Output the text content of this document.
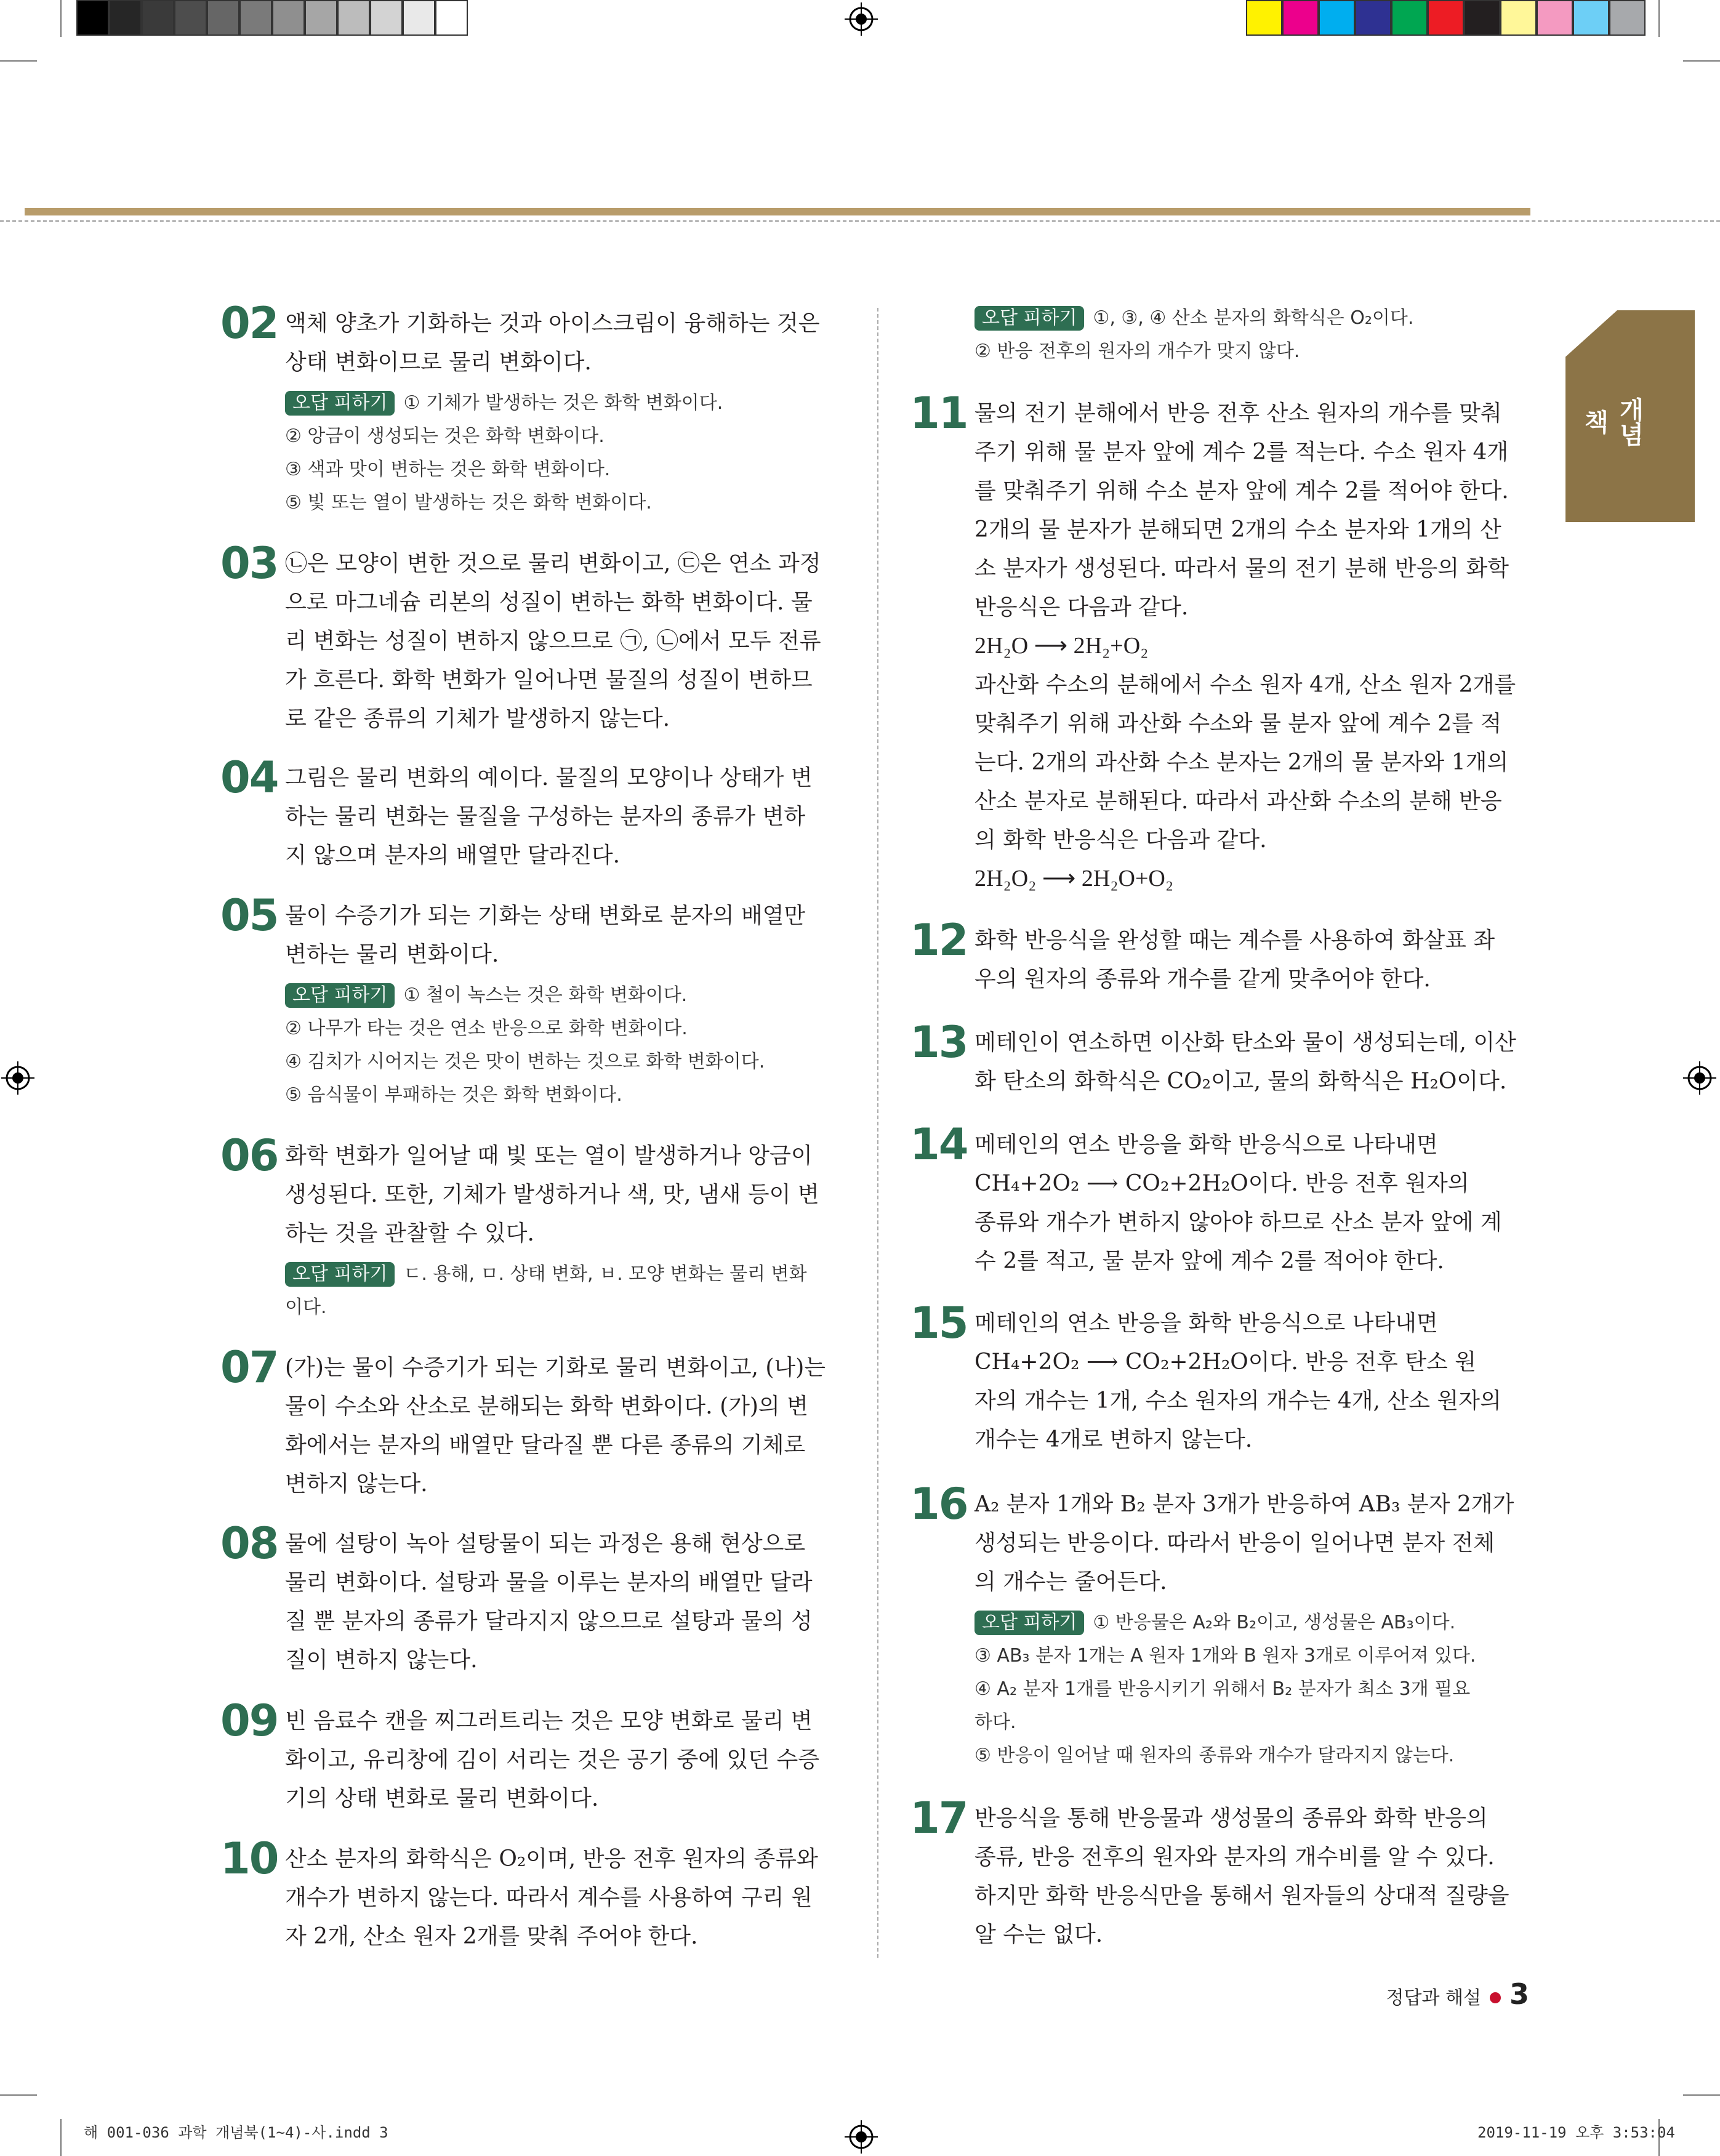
개념책
02 액체 양초가 기화하는 것과 아이스크림이 융해하는 것은
상태 변화이므로 물리 변화이다.

오답 피하기 ① 기체가 발생하는 것은 화학 변화이다.

② 앙금이 생성되는 것은 화학 변화이다.

③ 색과 맛이 변하는 것은 화학 변화이다.

⑤ 빛 또는 열이 발생하는 것은 화학 변화이다.

03 ㉡은 모양이 변한 것으로 물리 변화이고, ㉢은 연소 과정
으로 마그네슘 리본의 성질이 변하는 화학 변화이다. 물
리 변화는 성질이 변하지 않으므로 ㉠, ㉡에서 모두 전류
가 흐른다. 화학 변화가 일어나면 물질의 성질이 변하므
로 같은 종류의 기체가 발생하지 않는다.

04 그림은 물리 변화의 예이다. 물질의 모양이나 상태가 변
하는 물리 변화는 물질을 구성하는 분자의 종류가 변하
지 않으며 분자의 배열만 달라진다.

05 물이 수증기가 되는 기화는 상태 변화로 분자의 배열만
변하는 물리 변화이다.

오답 피하기 ① 철이 녹스는 것은 화학 변화이다.

② 나무가 타는 것은 연소 반응으로 화학 변화이다.

④ 김치가 시어지는 것은 맛이 변하는 것으로 화학 변화이다.

⑤ 음식물이 부패하는 것은 화학 변화이다.

06 화학 변화가 일어날 때 빛 또는 열이 발생하거나 앙금이
생성된다. 또한, 기체가 발생하거나 색, 맛, 냄새 등이 변
하는 것을 관찰할 수 있다.

오답 피하기 ㄷ. 용해, ㅁ. 상태 변화, ㅂ. 모양 변화는 물리 변화

이다.

07 (가)는 물이 수증기가 되는 기화로 물리 변화이고, (나)는
물이 수소와 산소로 분해되는 화학 변화이다. (가)의 변
화에서는 분자의 배열만 달라질 뿐 다른 종류의 기체로
변하지 않는다.

08 물에 설탕이 녹아 설탕물이 되는 과정은 용해 현상으로
물리 변화이다. 설탕과 물을 이루는 분자의 배열만 달라
질 뿐 분자의 종류가 달라지지 않으므로 설탕과 물의 성
질이 변하지 않는다.

09 빈 음료수 캔을 찌그러트리는 것은 모양 변화로 물리 변
화이고, 유리창에 김이 서리는 것은 공기 중에 있던 수증
기의 상태 변화로 물리 변화이다.

10 산소 분자의 화학식은 O₂이며, 반응 전후 원자의 종류와
개수가 변하지 않는다. 따라서 계수를 사용하여 구리 원
자 2개, 산소 원자 2개를 맞춰 주어야 한다.

오답 피하기 ①, ③, ④ 산소 분자의 화학식은 O₂이다.

② 반응 전후의 원자의 개수가 맞지 않다.

11 물의 전기 분해에서 반응 전후 산소 원자의 개수를 맞춰
주기 위해 물 분자 앞에 계수 2를 적는다. 수소 원자 4개
를 맞춰주기 위해 수소 분자 앞에 계수 2를 적어야 한다.
2개의 물 분자가 분해되면 2개의 수소 분자와 1개의 산
소 분자가 생성된다. 따라서 물의 전기 분해 반응의 화학
반응식은 다음과 같다.

2H₂O ⟶ 2H₂+O₂

과산화 수소의 분해에서 수소 원자 4개, 산소 원자 2개를
맞춰주기 위해 과산화 수소와 물 분자 앞에 계수 2를 적
는다. 2개의 과산화 수소 분자는 2개의 물 분자와 1개의
산소 분자로 분해된다. 따라서 과산화 수소의 분해 반응
의 화학 반응식은 다음과 같다.

2H₂O₂ ⟶ 2H₂O+O₂

12 화학 반응식을 완성할 때는 계수를 사용하여 화살표 좌
우의 원자의 종류와 개수를 같게 맞추어야 한다.

13 메테인이 연소하면 이산화 탄소와 물이 생성되는데, 이산
화 탄소의 화학식은 CO₂이고, 물의 화학식은 H₂O이다.

14 메테인의 연소 반응을 화학 반응식으로 나타내면
CH₄+2O₂ ⟶ CO₂+2H₂O이다. 반응 전후 원자의
종류와 개수가 변하지 않아야 하므로 산소 분자 앞에 계
수 2를 적고, 물 분자 앞에 계수 2를 적어야 한다.

15 메테인의 연소 반응을 화학 반응식으로 나타내면
CH₄+2O₂ ⟶ CO₂+2H₂O이다. 반응 전후 탄소 원
자의 개수는 1개, 수소 원자의 개수는 4개, 산소 원자의
개수는 4개로 변하지 않는다.

16 A₂ 분자 1개와 B₂ 분자 3개가 반응하여 AB₃ 분자 2개가
생성되는 반응이다. 따라서 반응이 일어나면 분자 전체
의 개수는 줄어든다.

오답 피하기 ① 반응물은 A₂와 B₂이고, 생성물은 AB₃이다.

③ AB₃ 분자 1개는 A 원자 1개와 B 원자 3개로 이루어져 있다.

④ A₂ 분자 1개를 반응시키기 위해서 B₂ 분자가 최소 3개 필요

하다.

⑤ 반응이 일어날 때 원자의 종류와 개수가 달라지지 않는다.

17 반응식을 통해 반응물과 생성물의 종류와 화학 반응의
종류, 반응 전후의 원자와 분자의 개수비를 알 수 있다.
하지만 화학 반응식만을 통해서 원자들의 상대적 질량을
알 수는 없다.

정답과 해설 3
해 001-036 과학 개념북(1~4)-사.indd 3	2019-11-19 오후 3:53:04
